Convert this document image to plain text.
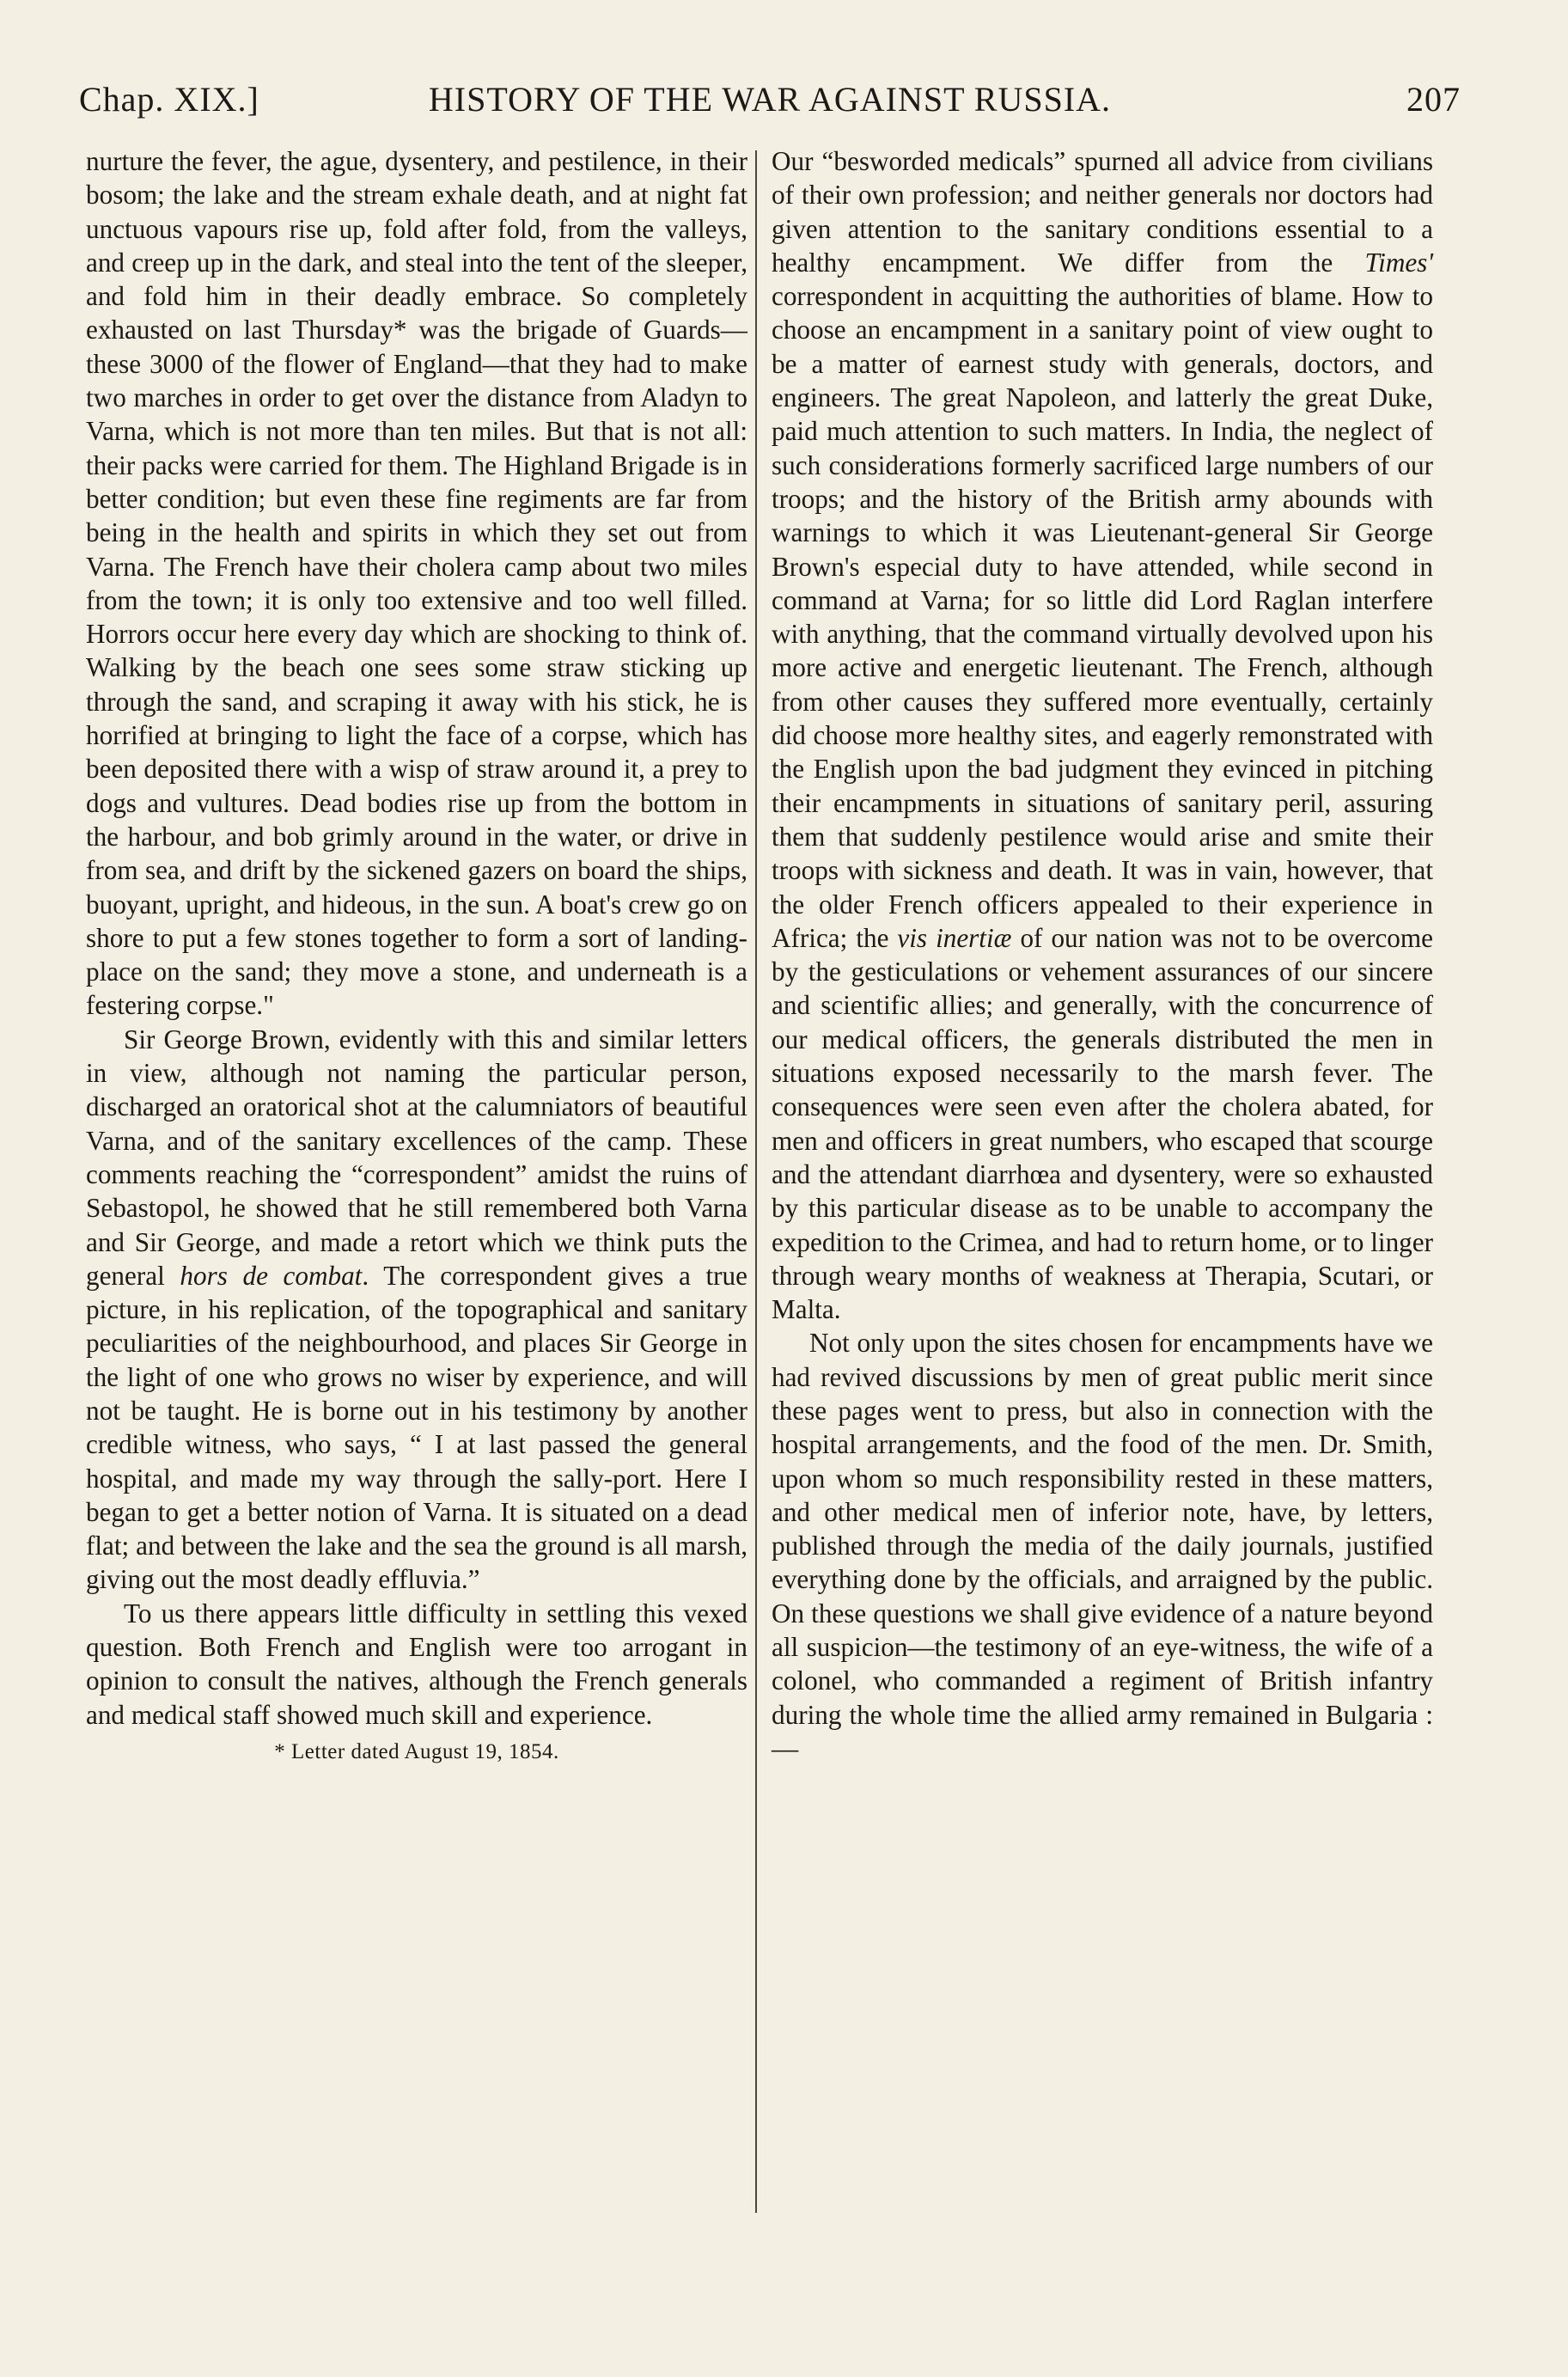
Chap. XIX.]	HISTORY OF THE WAR AGAINST RUSSIA.	207

nurture the fever, the ague, dysentery, and pestilence, in their bosom; the lake and the stream exhale death, and at night fat unctuous vapours rise up, fold after fold, from the valleys, and creep up in the dark, and steal into the tent of the sleeper, and fold him in their deadly embrace. So completely exhausted on last Thursday* was the brigade of Guards—these 3000 of the flower of England—that they had to make two marches in order to get over the distance from Aladyn to Varna, which is not more than ten miles. But that is not all: their packs were carried for them. The Highland Brigade is in better condition; but even these fine regiments are far from being in the health and spirits in which they set out from Varna. The French have their cholera camp about two miles from the town; it is only too extensive and too well filled. Horrors occur here every day which are shocking to think of. Walking by the beach one sees some straw sticking up through the sand, and scraping it away with his stick, he is horrified at bringing to light the face of a corpse, which has been deposited there with a wisp of straw around it, a prey to dogs and vultures. Dead bodies rise up from the bottom in the harbour, and bob grimly around in the water, or drive in from sea, and drift by the sickened gazers on board the ships, buoyant, upright, and hideous, in the sun. A boat's crew go on shore to put a few stones together to form a sort of landing-place on the sand; they move a stone, and underneath is a festering corpse."

Sir George Brown, evidently with this and similar letters in view, although not naming the particular person, discharged an oratorical shot at the calumniators of beautiful Varna, and of the sanitary excellences of the camp. These comments reaching the “correspondent” amidst the ruins of Sebastopol, he showed that he still remembered both Varna and Sir George, and made a retort which we think puts the general hors de combat. The correspondent gives a true picture, in his replication, of the topographical and sanitary peculiarities of the neighbourhood, and places Sir George in the light of one who grows no wiser by experience, and will not be taught. He is borne out in his testimony by another credible witness, who says, “ I at last passed the general hospital, and made my way through the sally-port. Here I began to get a better notion of Varna. It is situated on a dead flat; and between the lake and the sea the ground is all marsh, giving out the most deadly effluvia.”

To us there appears little difficulty in settling this vexed question. Both French and English were too arrogant in opinion to consult the natives, although the French generals and medical staff showed much skill and experience.

* Letter dated August 19, 1854.

Our “besworded medicals” spurned all advice from civilians of their own profession; and neither generals nor doctors had given attention to the sanitary conditions essential to a healthy encampment. We differ from the Times' correspondent in acquitting the authorities of blame. How to choose an encampment in a sanitary point of view ought to be a matter of earnest study with generals, doctors, and engineers. The great Napoleon, and latterly the great Duke, paid much attention to such matters. In India, the neglect of such considerations formerly sacrificed large numbers of our troops; and the history of the British army abounds with warnings to which it was Lieutenant-general Sir George Brown's especial duty to have attended, while second in command at Varna; for so little did Lord Raglan interfere with anything, that the command virtually devolved upon his more active and energetic lieutenant. The French, although from other causes they suffered more eventually, certainly did choose more healthy sites, and eagerly remonstrated with the English upon the bad judgment they evinced in pitching their encampments in situations of sanitary peril, assuring them that suddenly pestilence would arise and smite their troops with sickness and death. It was in vain, however, that the older French officers appealed to their experience in Africa; the vis inertiæ of our nation was not to be overcome by the gesticulations or vehement assurances of our sincere and scientific allies; and generally, with the concurrence of our medical officers, the generals distributed the men in situations exposed necessarily to the marsh fever. The consequences were seen even after the cholera abated, for men and officers in great numbers, who escaped that scourge and the attendant diarrhœa and dysentery, were so exhausted by this particular disease as to be unable to accompany the expedition to the Crimea, and had to return home, or to linger through weary months of weakness at Therapia, Scutari, or Malta.

Not only upon the sites chosen for encampments have we had revived discussions by men of great public merit since these pages went to press, but also in connection with the hospital arrangements, and the food of the men. Dr. Smith, upon whom so much responsibility rested in these matters, and other medical men of inferior note, have, by letters, published through the media of the daily journals, justified everything done by the officials, and arraigned by the public. On these questions we shall give evidence of a nature beyond all suspicion—the testimony of an eye-witness, the wife of a colonel, who commanded a regiment of British infantry during the whole time the allied army remained in Bulgaria :—
